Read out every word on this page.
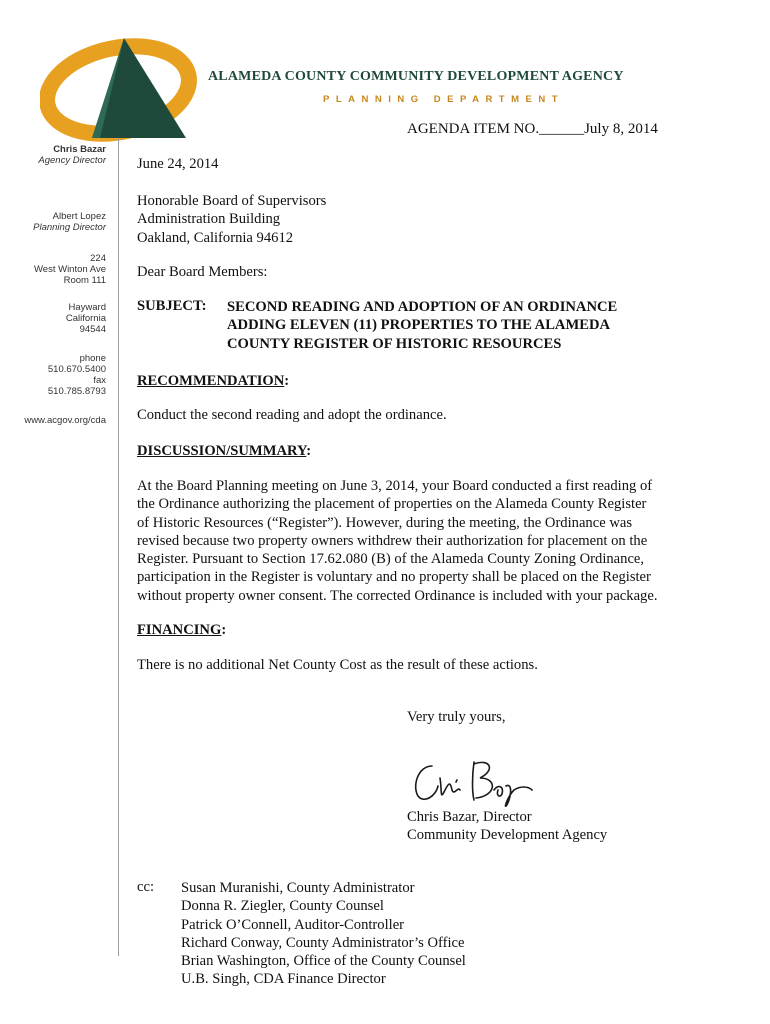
ALAMEDA COUNTY COMMUNITY DEVELOPMENT AGENCY
PLANNING DEPARTMENT
AGENDA ITEM NO.______July 8, 2014
Chris Bazar
Agency Director
Albert Lopez
Planning Director
224
West Winton Ave
Room 111
Hayward
California
94544
phone
510.670.5400
fax
510.785.8793
www.acgov.org/cda
June 24, 2014
Honorable Board of Supervisors
Administration Building
Oakland, California 94612
Dear Board Members:
SUBJECT: SECOND READING AND ADOPTION OF AN ORDINANCE
ADDING ELEVEN (11) PROPERTIES TO THE ALAMEDA
COUNTY REGISTER OF HISTORIC RESOURCES
RECOMMENDATION:
Conduct the second reading and adopt the ordinance.
DISCUSSION/SUMMARY:
At the Board Planning meeting on June 3, 2014, your Board conducted a first reading of
the Ordinance authorizing the placement of properties on the Alameda County Register
of Historic Resources (“Register”). However, during the meeting, the Ordinance was
revised because two property owners withdrew their authorization for placement on the
Register. Pursuant to Section 17.62.080 (B) of the Alameda County Zoning Ordinance,
participation in the Register is voluntary and no property shall be placed on the Register
without property owner consent. The corrected Ordinance is included with your package.
FINANCING:
There is no additional Net County Cost as the result of these actions.
Very truly yours,
Chris Bazar, Director
Community Development Agency
cc: Susan Muranishi, County Administrator
Donna R. Ziegler, County Counsel
Patrick O’Connell, Auditor-Controller
Richard Conway, County Administrator’s Office
Brian Washington, Office of the County Counsel
U.B. Singh, CDA Finance Director
